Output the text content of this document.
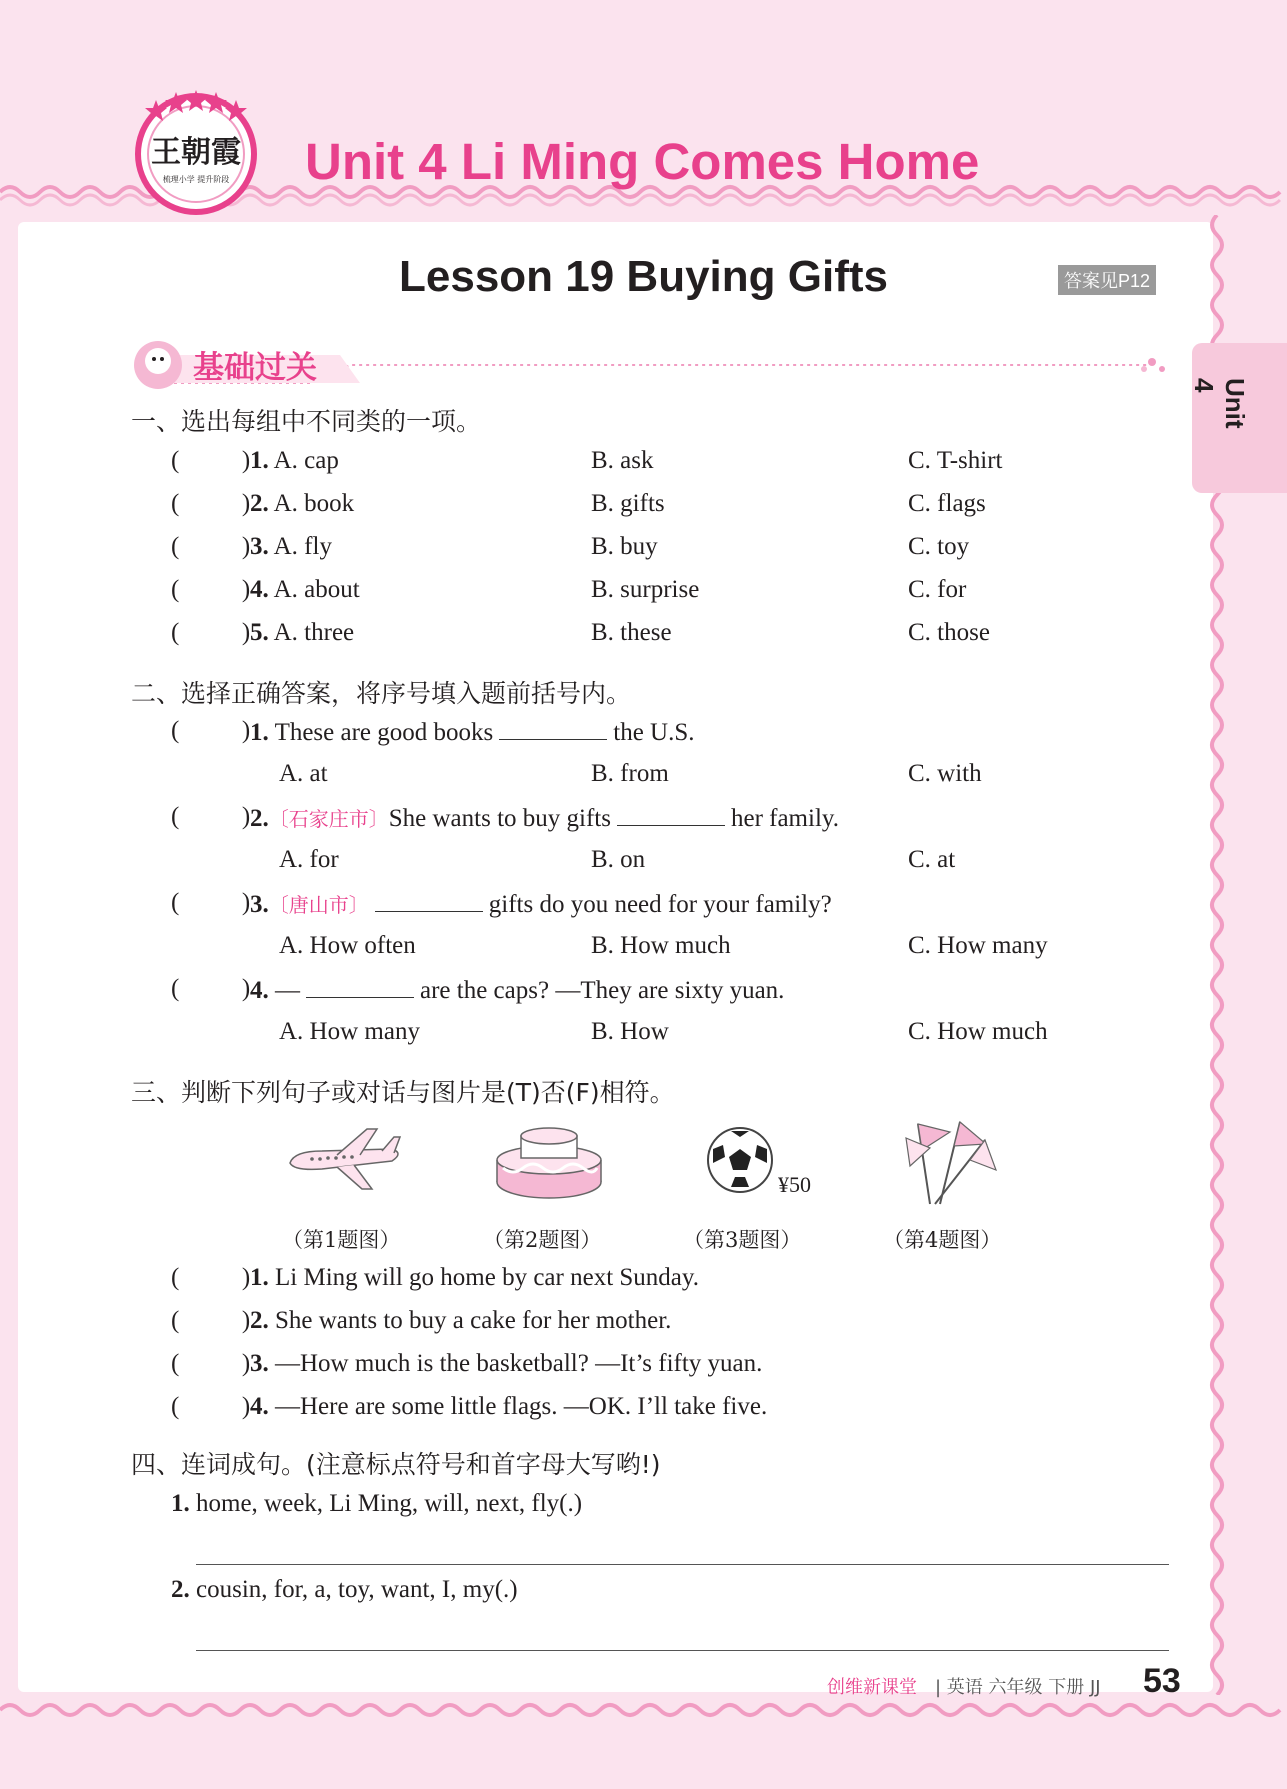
王朝霞
梳理小学 提升阶段 Unit 4 Li Ming Comes Home
Lesson 19 Buying Gifts	答案见P12
Unit 4
基础过关
一、选出每组中不同类的一项。
(   ) 1. A. cap	B. ask	C. T-shirt
(   ) 2. A. book	B. gifts	C. flags
(   ) 3. A. fly	B. buy	C. toy
(   ) 4. A. about	B. surprise	C. for
(   ) 5. A. three	B. these	C. those
二、选择正确答案，将序号填入题前括号内。
(   ) 1. These are good books	the U.S.
A. at	B. from	C. with
(   ) 2.〔石家庄市〕She wants to buy gifts	her family.
A. for	B. on	C. at
(   ) 3.〔唐山市〕	gifts do you need for your family?
A. How often	B. How much	C. How many
(   ) 4. —	are the caps? —They are sixty yuan.
A. How many	B. How	C. How much
三、判断下列句子或对话与图片是(T)否(F)相符。
¥50
（第1题图）	（第2题图）	（第3题图）	（第4题图）
(   ) 1. Li Ming will go home by car next Sunday.
(   ) 2. She wants to buy a cake for her mother.
(   ) 3. —How much is the basketball? —It’s fifty yuan.
(   ) 4. —Here are some little flags. —OK. I’ll take five.
四、连词成句。(注意标点符号和首字母大写哟!)
1. home, week, Li Ming, will, next, fly(.)
2. cousin, for, a, toy, want, I, my(.)
创维新课堂 | 英语 六年级 下册 JJ 53
